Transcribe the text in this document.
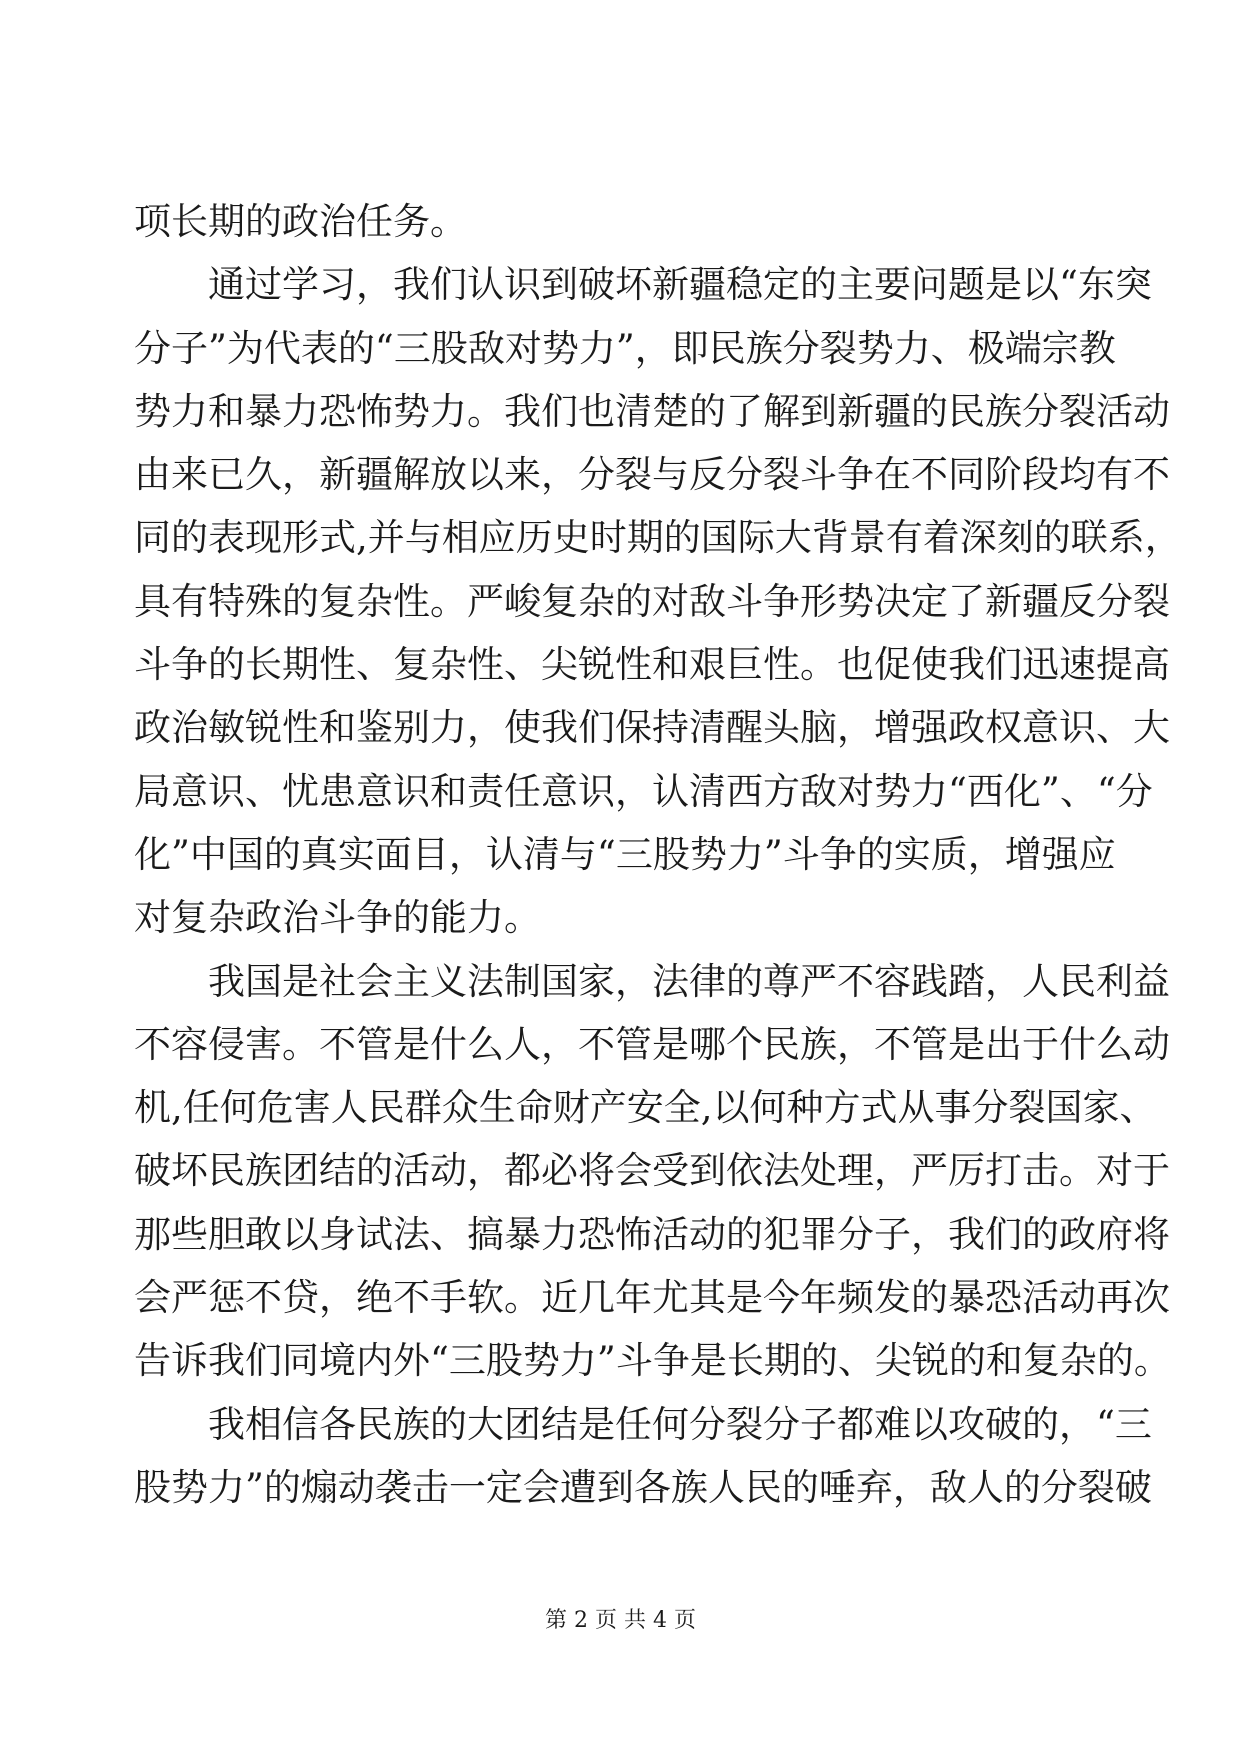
项长期的政治任务。
通过学习，我们认识到破坏新疆稳定的主要问题是以“东突
分子”为代表的“三股敌对势力”，即民族分裂势力、极端宗教
势力和暴力恐怖势力。我们也清楚的了解到新疆的民族分裂活动
由来已久，新疆解放以来，分裂与反分裂斗争在不同阶段均有不
同的表现形式,并与相应历史时期的国际大背景有着深刻的联系，
具有特殊的复杂性。严峻复杂的对敌斗争形势决定了新疆反分裂
斗争的长期性、复杂性、尖锐性和艰巨性。也促使我们迅速提高
政治敏锐性和鉴别力，使我们保持清醒头脑，增强政权意识、大
局意识、忧患意识和责任意识，认清西方敌对势力“西化”、“分
化”中国的真实面目，认清与“三股势力”斗争的实质，增强应
对复杂政治斗争的能力。
我国是社会主义法制国家，法律的尊严不容践踏，人民利益
不容侵害。不管是什么人，不管是哪个民族，不管是出于什么动
机,任何危害人民群众生命财产安全,以何种方式从事分裂国家、
破坏民族团结的活动，都必将会受到依法处理，严厉打击。对于
那些胆敢以身试法、搞暴力恐怖活动的犯罪分子，我们的政府将
会严惩不贷，绝不手软。近几年尤其是今年频发的暴恐活动再次
告诉我们同境内外“三股势力”斗争是长期的、尖锐的和复杂的。
我相信各民族的大团结是任何分裂分子都难以攻破的，“三
股势力”的煽动袭击一定会遭到各族人民的唾弃，敌人的分裂破
第 2 页 共 4 页
